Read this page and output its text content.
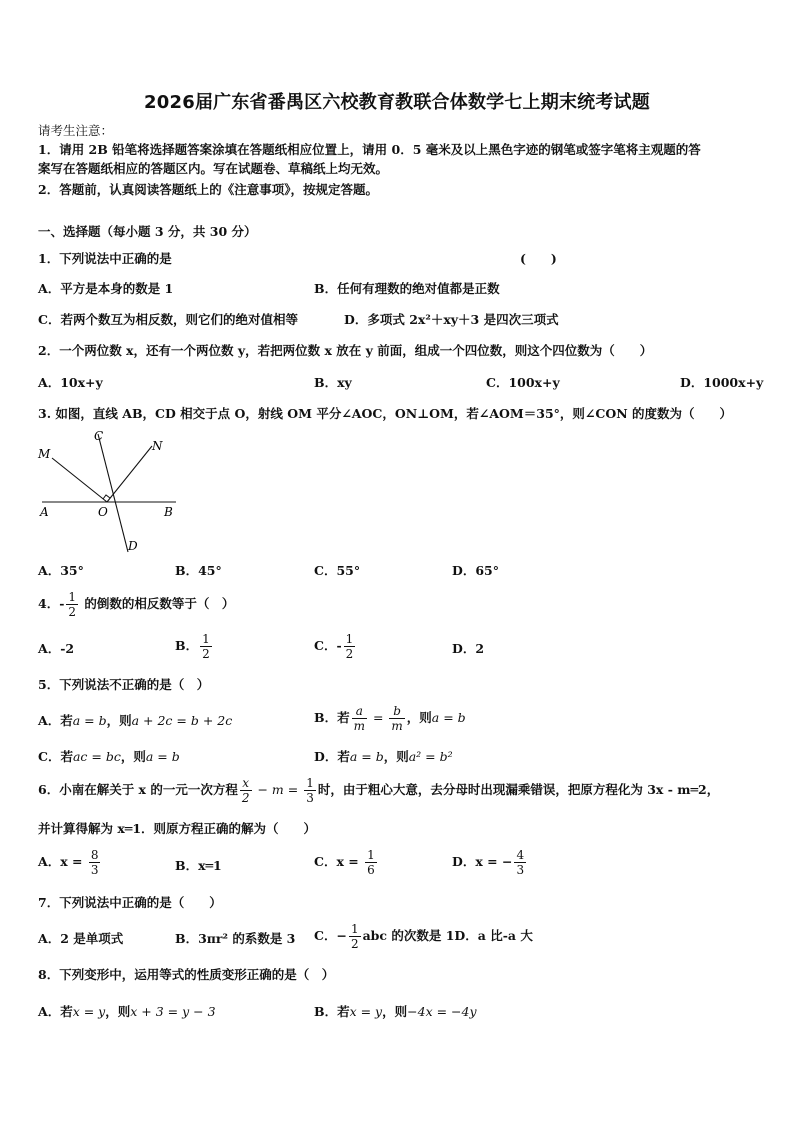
2026届广东省番禺区六校教育教联合体数学七上期末统考试题
请考生注意：
1．请用 2B 铅笔将选择题答案涂填在答题纸相应位置上，请用 0．5 毫米及以上黑色字迹的钢笔或签字笔将主观题的答
案写在答题纸相应的答题区内。写在试题卷、草稿纸上均无效。
2．答题前，认真阅读答题纸上的《注意事项》，按规定答题。
一、选择题（每小题 3 分，共 30 分）
1．下列说法中正确的是	(　　)
A．平方是本身的数是 1	B．任何有理数的绝对值都是正数
C．若两个数互为相反数，则它们的绝对值相等	D．多项式 2x²＋xy＋3 是四次三项式
2．一个两位数 x，还有一个两位数 y，若把两位数 x 放在 y 前面，组成一个四位数，则这个四位数为（　　）
A．10x+y	B．xy	C．100x+y	D．1000x+y
3. 如图，直线 AB，CD 相交于点 O，射线 OM 平分∠AOC，ON⊥OM，若∠AOM＝35°，则∠CON 的度数为（　　）
M
C
N
A	O	B
D
A．35°	B．45°	C．55°	D．65°
4．- $\frac{1}{2}$ 的倒数的相反数等于（　）
A．-2	B． $\frac{1}{2}$	C．- $\frac{1}{2}$	D．2
5．下列说法不正确的是（　）
A．若a = b，则a + 2c = b + 2c	B．若 $\frac{a}{m} = \frac{b}{m}$ ，则a = b
C．若ac = bc，则a = b	D．若a = b，则a² = b²
6．小南在解关于 x 的一元一次方程 $\frac{x}{2} - m = \frac{1}{3}$ 时，由于粗心大意，去分母时出现漏乘错误，把原方程化为 3x - m═2，
并计算得解为 x═1．则原方程正确的解为（　　）
A．$x = \frac{8}{3}$	B．x═1	C．$x = \frac{1}{6}$	D．x = − $\frac{4}{3}$
7．下列说法中正确的是（　　）
A．2 是单项式	B．3πr² 的系数是 3 C．− $\frac{1}{2}$ abc 的次数是 1D．a 比-a 大
8．下列变形中，运用等式的性质变形正确的是（　）
A．若x = y，则x + 3 = y − 3	B．若x = y，则−4x = −4y
